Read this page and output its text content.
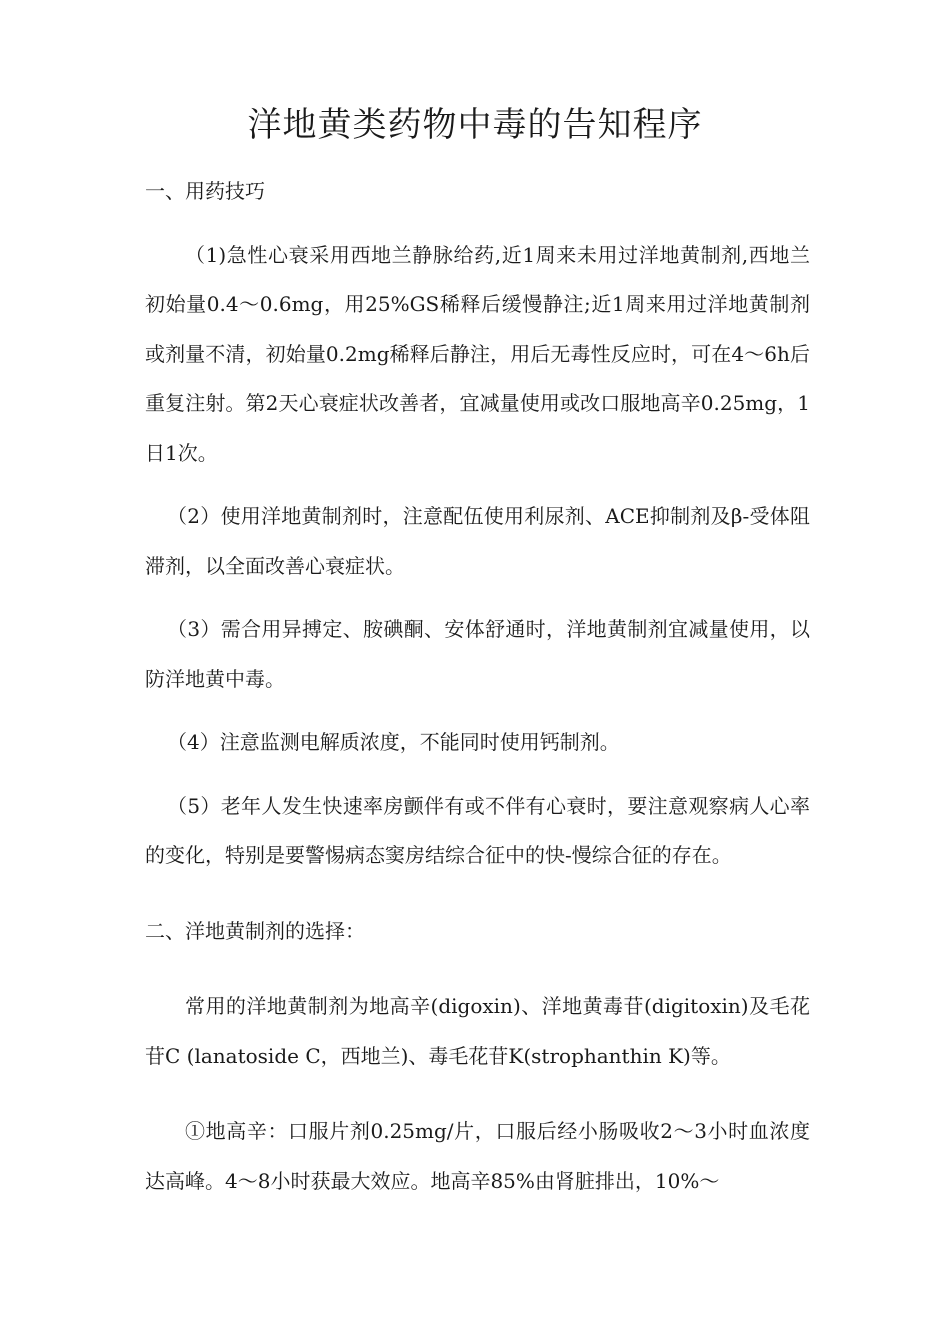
洋地黄类药物中毒的告知程序

一、用药技巧

（1)急性心衰采用西地兰静脉给药,近1周来未用过洋地黄制剂,西地兰初始量0.4～0.6mg，用25%GS稀释后缓慢静注;近1周来用过洋地黄制剂或剂量不清，初始量0.2mg稀释后静注，用后无毒性反应时，可在4～6h后重复注射。第2天心衰症状改善者，宜减量使用或改口服地高辛0.25mg，1日1次。

（2）使用洋地黄制剂时，注意配伍使用利尿剂、ACE抑制剂及β-受体阻滞剂，以全面改善心衰症状。

（3）需合用异搏定、胺碘酮、安体舒通时，洋地黄制剂宜减量使用，以防洋地黄中毒。

（4）注意监测电解质浓度，不能同时使用钙制剂。

（5）老年人发生快速率房颤伴有或不伴有心衰时，要注意观察病人心率的变化，特别是要警惕病态窦房结综合征中的快-慢综合征的存在。

二、洋地黄制剂的选择：

常用的洋地黄制剂为地高辛(digoxin)、洋地黄毒苷(digitoxin)及毛花苷C (lanatoside C，西地兰)、毒毛花苷K(strophanthin K)等。

①地高辛：口服片剂0.25mg/片，口服后经小肠吸收2～3小时血浓度达高峰。4～8小时获最大效应。地高辛85%由肾脏排出，10%～
